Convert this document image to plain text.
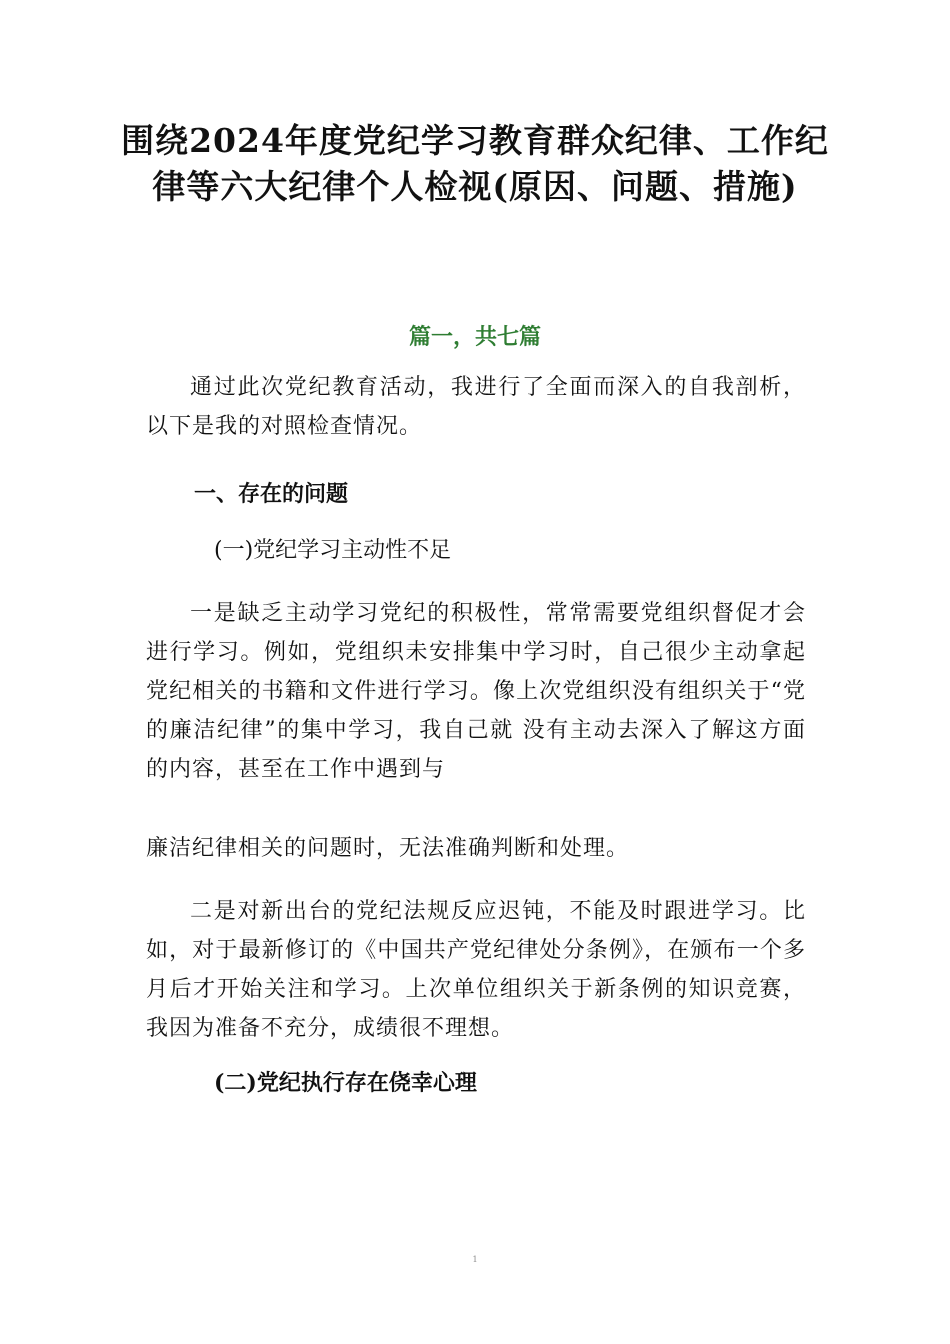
围绕2024年度党纪学习教育群众纪律、工作纪律等六大纪律个人检视(原因、问题、措施)
篇一，共七篇
通过此次党纪教育活动，我进行了全面而深入的自我剖析，以下是我的对照检查情况。
一、存在的问题
(一)党纪学习主动性不足
一是缺乏主动学习党纪的积极性，常常需要党组织督促才会进行学习。例如，党组织未安排集中学习时，自己很少主动拿起党纪相关的书籍和文件进行学习。像上次党组织没有组织关于“党的廉洁纪律”的集中学习，我自己就 没有主动去深入了解这方面的内容，甚至在工作中遇到与
廉洁纪律相关的问题时，无法准确判断和处理。
二是对新出台的党纪法规反应迟钝，不能及时跟进学习。比如，对于最新修订的《中国共产党纪律处分条例》，在颁布一个多月后才开始关注和学习。上次单位组织关于新条例的知识竞赛，我因为准备不充分，成绩很不理想。
(二)党纪执行存在侥幸心理
1
